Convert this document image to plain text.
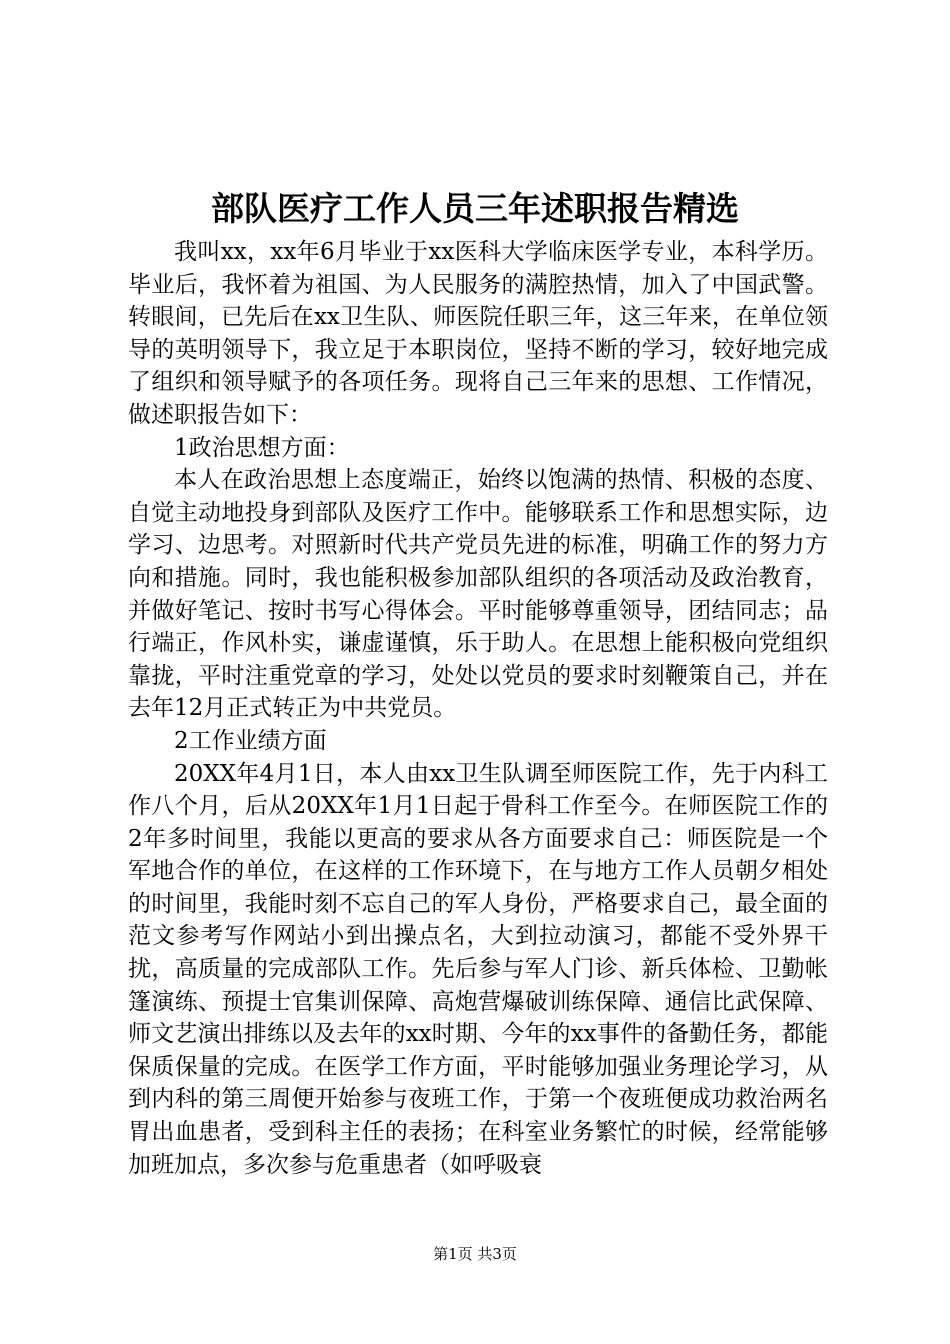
部队医疗工作人员三年述职报告精选

我叫xx，xx年6月毕业于xx医科大学临床医学专业，本科学历。毕业后，我怀着为祖国、为人民服务的满腔热情，加入了中国武警。转眼间，已先后在xx卫生队、师医院任职三年，这三年来，在单位领导的英明领导下，我立足于本职岗位，坚持不断的学习，较好地完成了组织和领导赋予的各项任务。现将自己三年来的思想、工作情况，做述职报告如下：

1政治思想方面：

本人在政治思想上态度端正，始终以饱满的热情、积极的态度、自觉主动地投身到部队及医疗工作中。能够联系工作和思想实际，边学习、边思考。对照新时代共产党员先进的标准，明确工作的努力方向和措施。同时，我也能积极参加部队组织的各项活动及政治教育，并做好笔记、按时书写心得体会。平时能够尊重领导，团结同志；品行端正，作风朴实，谦虚谨慎，乐于助人。在思想上能积极向党组织靠拢，平时注重党章的学习，处处以党员的要求时刻鞭策自己，并在去年12月正式转正为中共党员。

2工作业绩方面

20XX年4月1日，本人由xx卫生队调至师医院工作，先于内科工作八个月，后从20XX年1月1日起于骨科工作至今。在师医院工作的2年多时间里，我能以更高的要求从各方面要求自己：师医院是一个军地合作的单位，在这样的工作环境下，在与地方工作人员朝夕相处的时间里，我能时刻不忘自己的军人身份，严格要求自己，最全面的范文参考写作网站小到出操点名，大到拉动演习，都能不受外界干扰，高质量的完成部队工作。先后参与军人门诊、新兵体检、卫勤帐篷演练、预提士官集训保障、高炮营爆破训练保障、通信比武保障、师文艺演出排练以及去年的xx时期、今年的xx事件的备勤任务，都能保质保量的完成。在医学工作方面，平时能够加强业务理论学习，从到内科的第三周便开始参与夜班工作，于第一个夜班便成功救治两名胃出血患者，受到科主任的表扬；在科室业务繁忙的时候，经常能够加班加点，多次参与危重患者（如呼吸衰

第1页 共3页
